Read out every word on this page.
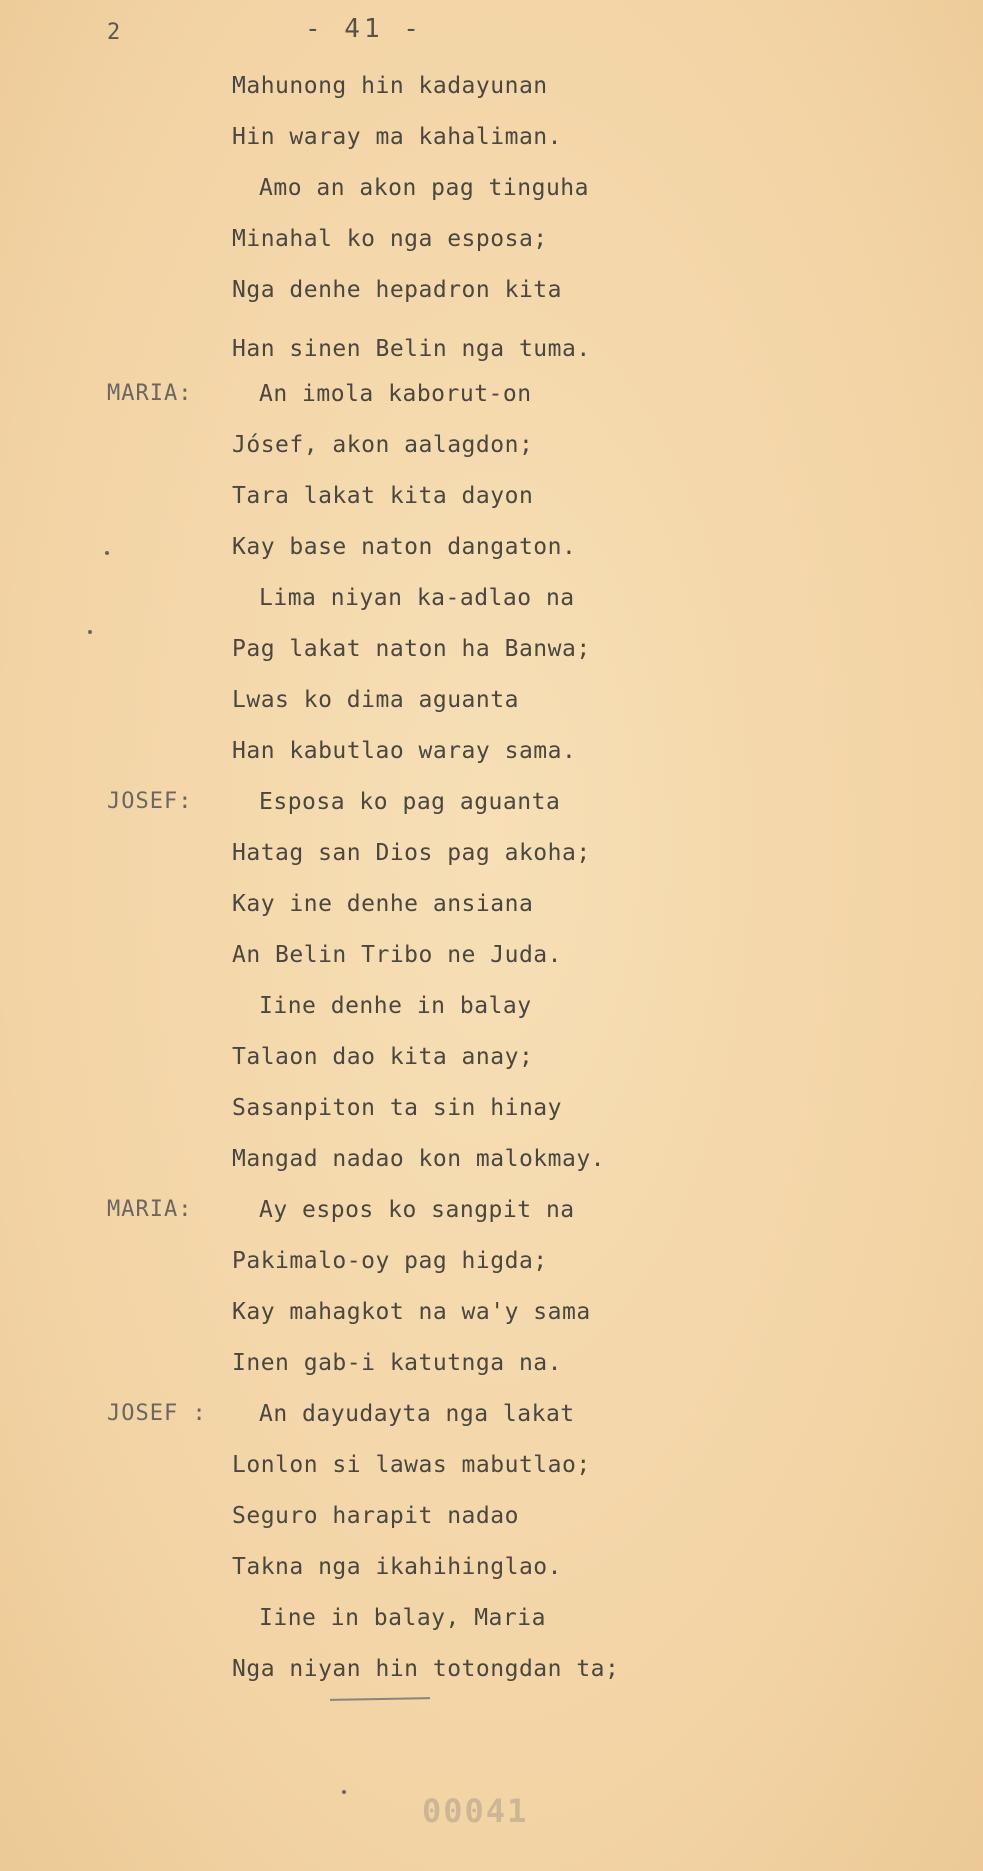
2	- 41 -
Mahunong hin kadayunan
Hin waray ma kahaliman.
Amo an akon pag tinguha
Minahal ko nga esposa;
Nga denhe hepadron kita
Han sinen Belin nga tuma.
MARIA:	An imola kaborut-on
Jósef, akon aalagdon;
Tara lakat kita dayon
Kay base naton dangaton.
Lima niyan ka-adlao na
Pag lakat naton ha Banwa;
Lwas ko dima aguanta
Han kabutlao waray sama.
JOSEF:	Esposa ko pag aguanta
Hatag san Dios pag akoha;
Kay ine denhe ansiana
An Belin Tribo ne Juda.
Iine denhe in balay
Talaon dao kita anay;
Sasanpiton ta sin hinay
Mangad nadao kon malokmay.
MARIA:	Ay espos ko sangpit na
Pakimalo-oy pag higda;
Kay mahagkot na wa'y sama
Inen gab-i katutnga na.
JOSEF : An dayudayta nga lakat
Lonlon si lawas mabutlao;
Seguro harapit nadao
Takna nga ikahihinglao.
Iine in balay, Maria
Nga niyan hin totongdan ta;
00041
